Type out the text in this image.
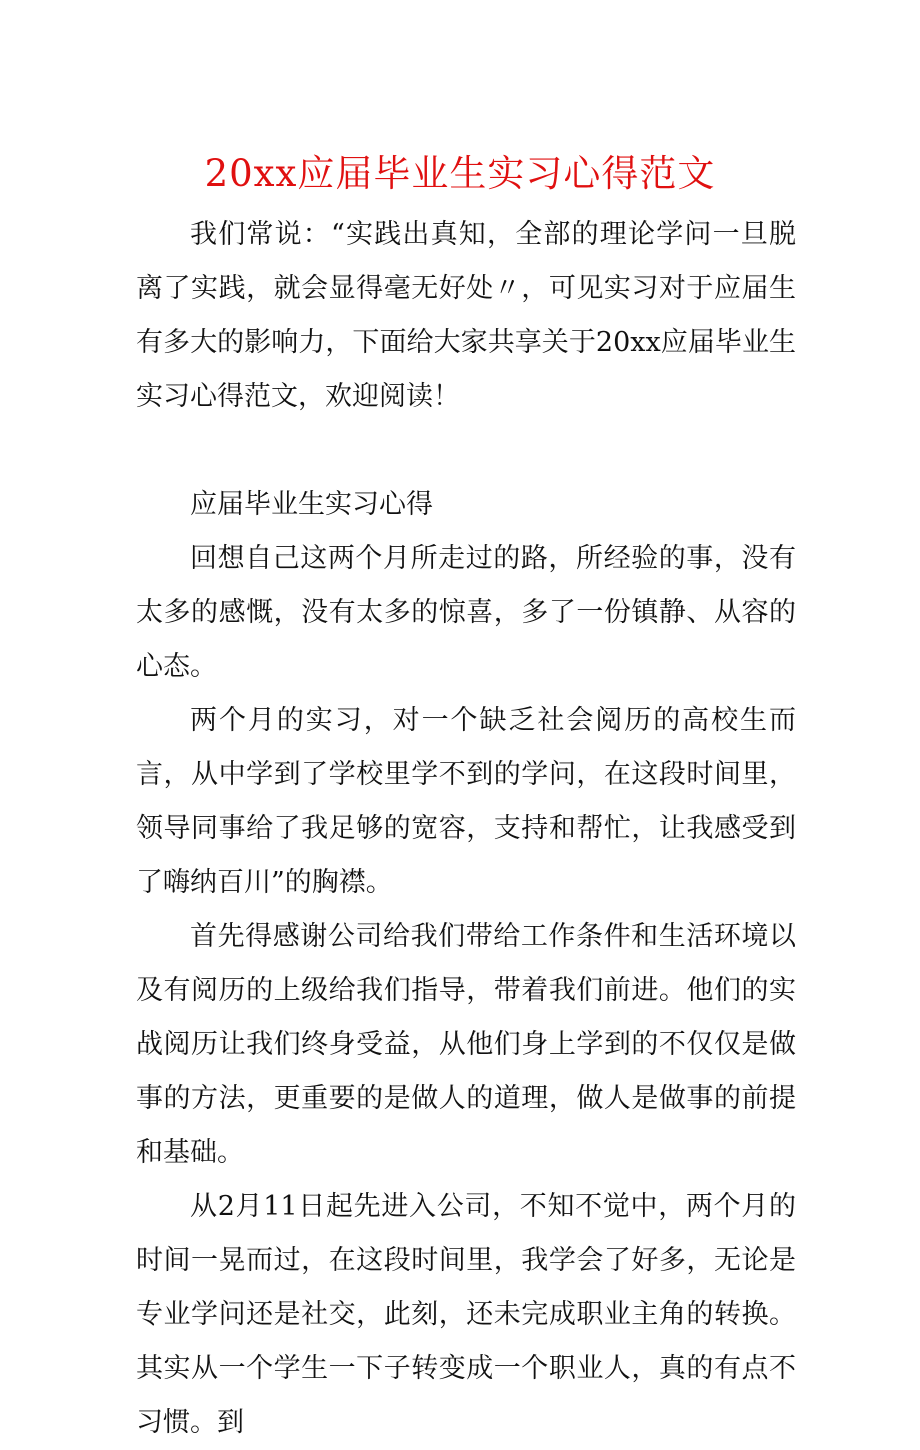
20xx应届毕业生实习心得范文

我们常说：“实践出真知，全部的理论学问一旦脱离了实践，就会显得毫无好处〃，可见实习对于应届生有多大的影响力，下面给大家共享关于20xx应届毕业生实习心得范文，欢迎阅读！

应届毕业生实习心得

回想自己这两个月所走过的路，所经验的事，没有太多的感慨，没有太多的惊喜，多了一份镇静、从容的心态。

两个月的实习，对一个缺乏社会阅历的高校生而言，从中学到了学校里学不到的学问，在这段时间里，领导同事给了我足够的宽容，支持和帮忙，让我感受到了嗨纳百川”的胸襟。

首先得感谢公司给我们带给工作条件和生活环境以及有阅历的上级给我们指导，带着我们前进。他们的实战阅历让我们终身受益，从他们身上学到的不仅仅是做事的方法，更重要的是做人的道理，做人是做事的前提和基础。

从2月11日起先进入公司，不知不觉中，两个月的时间一晃而过，在这段时间里，我学会了好多，无论是专业学问还是社交，此刻，还未完成职业主角的转换。其实从一个学生一下子转变成一个职业人，真的有点不习惯。到
